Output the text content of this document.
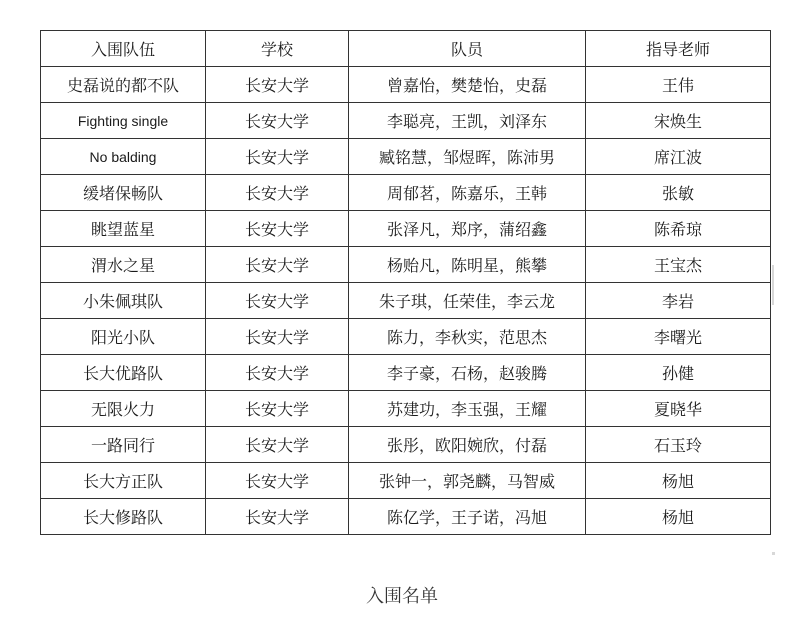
入围队伍	学校	队员	指导老师
史磊说的都不队	长安大学	曾嘉怡，樊楚怡，史磊	王伟
Fighting single	长安大学	李聪亮，王凯，刘泽东	宋焕生
No balding	长安大学	臧铭慧，邹煜晖，陈沛男	席江波
缓堵保畅队	长安大学	周郁茗，陈嘉乐，王韩	张敏
眺望蓝星	长安大学	张泽凡，郑序，蒲绍鑫	陈希琼
渭水之星	长安大学	杨贻凡，陈明星，熊攀	王宝杰
小朱佩琪队	长安大学	朱子琪，任荣佳，李云龙	李岩
阳光小队	长安大学	陈力，李秋实，范思杰	李曙光
长大优路队	长安大学	李子豪，石杨，赵骏腾	孙健
无限火力	长安大学	苏建功，李玉强，王耀	夏晓华
一路同行	长安大学	张彤，欧阳婉欣，付磊	石玉玲
长大方正队	长安大学	张钟一，郭尧麟，马智威	杨旭
长大修路队	长安大学	陈亿学，王子诺，冯旭	杨旭
入围名单
